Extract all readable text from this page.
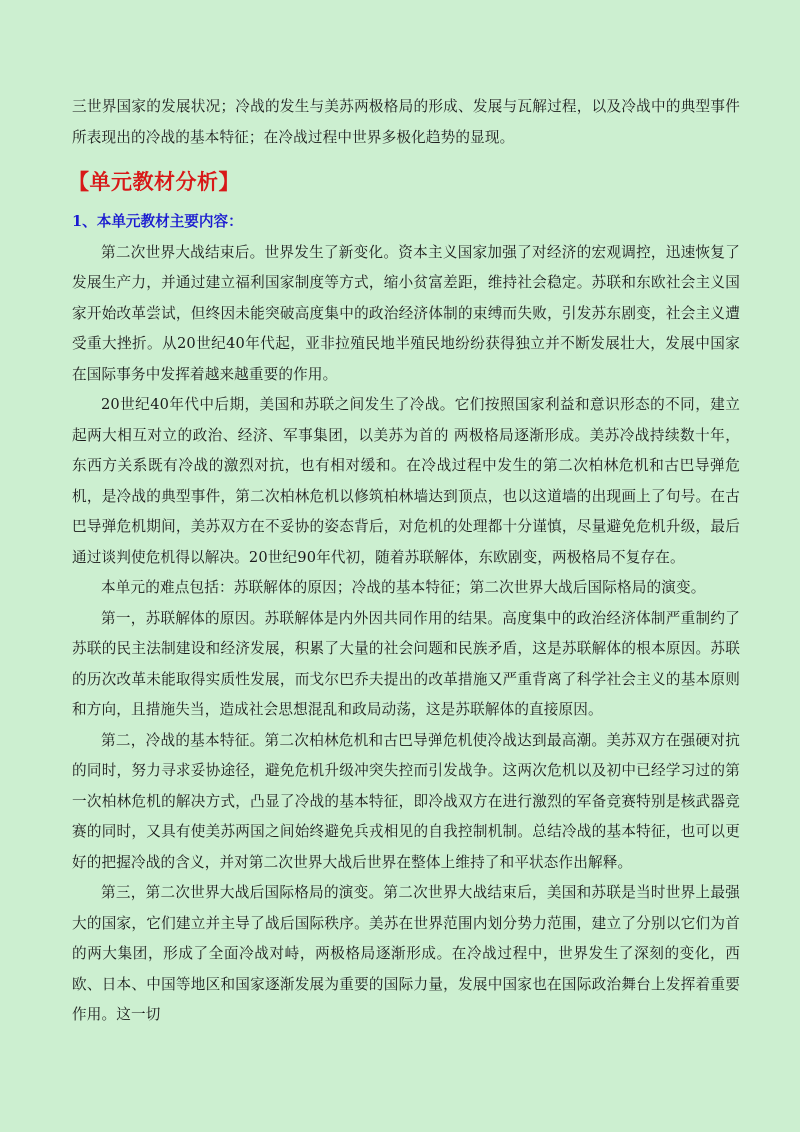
三世界国家的发展状况；冷战的发生与美苏两极格局的形成、发展与瓦解过程，以及冷战中的典型事件所表现出的冷战的基本特征；在冷战过程中世界多极化趋势的显现。

【单元教材分析】
1、本单元教材主要内容：

第二次世界大战结束后。世界发生了新变化。资本主义国家加强了对经济的宏观调控，迅速恢复了发展生产力，并通过建立福利国家制度等方式，缩小贫富差距，维持社会稳定。苏联和东欧社会主义国家开始改革尝试，但终因未能突破高度集中的政治经济体制的束缚而失败，引发苏东剧变，社会主义遭受重大挫折。从20世纪40年代起，亚非拉殖民地半殖民地纷纷获得独立并不断发展壮大，发展中国家在国际事务中发挥着越来越重要的作用。

20世纪40年代中后期，美国和苏联之间发生了冷战。它们按照国家利益和意识形态的不同，建立起两大相互对立的政治、经济、军事集团，以美苏为首的 两极格局逐渐形成。美苏冷战持续数十年，东西方关系既有冷战的激烈对抗，也有相对缓和。在冷战过程中发生的第二次柏林危机和古巴导弹危机，是冷战的典型事件，第二次柏林危机以修筑柏林墙达到顶点，也以这道墙的出现画上了句号。在古巴导弹危机期间，美苏双方在不妥协的姿态背后，对危机的处理都十分谨慎，尽量避免危机升级，最后通过谈判使危机得以解决。20世纪90年代初，随着苏联解体，东欧剧变，两极格局不复存在。

本单元的难点包括：苏联解体的原因；冷战的基本特征；第二次世界大战后国际格局的演变。

第一，苏联解体的原因。苏联解体是内外因共同作用的结果。高度集中的政治经济体制严重制约了苏联的民主法制建设和经济发展，积累了大量的社会问题和民族矛盾，这是苏联解体的根本原因。苏联的历次改革未能取得实质性发展，而戈尔巴乔夫提出的改革措施又严重背离了科学社会主义的基本原则和方向，且措施失当，造成社会思想混乱和政局动荡，这是苏联解体的直接原因。

第二，冷战的基本特征。第二次柏林危机和古巴导弹危机使冷战达到最高潮。美苏双方在强硬对抗的同时，努力寻求妥协途径，避免危机升级冲突失控而引发战争。这两次危机以及初中已经学习过的第一次柏林危机的解决方式，凸显了冷战的基本特征，即冷战双方在进行激烈的军备竞赛特别是核武器竞赛的同时，又具有使美苏两国之间始终避免兵戎相见的自我控制机制。总结冷战的基本特征，也可以更好的把握冷战的含义，并对第二次世界大战后世界在整体上维持了和平状态作出解释。

第三，第二次世界大战后国际格局的演变。第二次世界大战结束后，美国和苏联是当时世界上最强大的国家，它们建立并主导了战后国际秩序。美苏在世界范围内划分势力范围，建立了分别以它们为首的两大集团，形成了全面冷战对峙，两极格局逐渐形成。在冷战过程中，世界发生了深刻的变化，西欧、日本、中国等地区和国家逐渐发展为重要的国际力量，发展中国家也在国际政治舞台上发挥着重要作用。这一切
